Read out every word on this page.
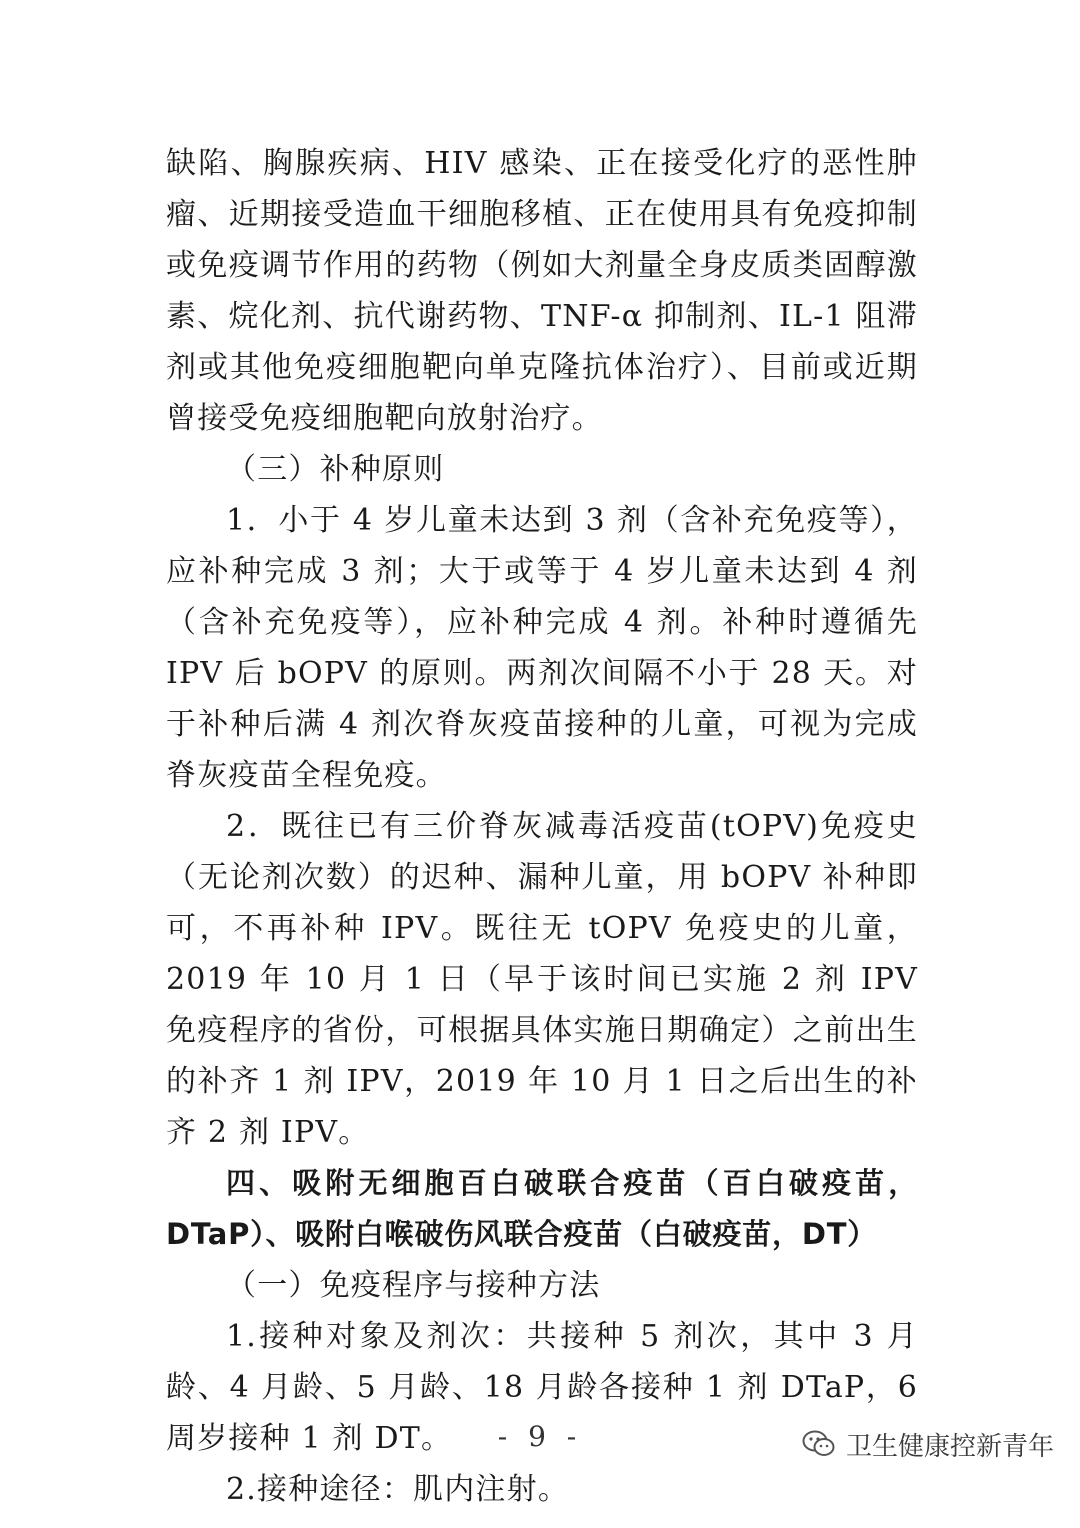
缺陷、胸腺疾病、HIV 感染、正在接受化疗的恶性肿瘤、近期接受造血干细胞移植、正在使用具有免疫抑制或免疫调节作用的药物（例如大剂量全身皮质类固醇激素、烷化剂、抗代谢药物、TNF-α 抑制剂、IL-1 阻滞剂或其他免疫细胞靶向单克隆抗体治疗）、目前或近期曾接受免疫细胞靶向放射治疗。

（三）补种原则

1．小于 4 岁儿童未达到 3 剂（含补充免疫等），应补种完成 3 剂；大于或等于 4 岁儿童未达到 4 剂（含补充免疫等），应补种完成 4 剂。补种时遵循先 IPV 后 bOPV 的原则。两剂次间隔不小于 28 天。对于补种后满 4 剂次脊灰疫苗接种的儿童，可视为完成脊灰疫苗全程免疫。

2．既往已有三价脊灰减毒活疫苗(tOPV)免疫史（无论剂次数）的迟种、漏种儿童，用 bOPV 补种即可，不再补种 IPV。既往无 tOPV 免疫史的儿童，2019 年 10 月 1 日（早于该时间已实施 2 剂 IPV 免疫程序的省份，可根据具体实施日期确定）之前出生的补齐 1 剂 IPV，2019 年 10 月 1 日之后出生的补齐 2 剂 IPV。

四、吸附无细胞百白破联合疫苗（百白破疫苗，DTaP）、吸附白喉破伤风联合疫苗（白破疫苗，DT）

（一）免疫程序与接种方法

1.接种对象及剂次：共接种 5 剂次，其中 3 月龄、4 月龄、5 月龄、18 月龄各接种 1 剂 DTaP，6 周岁接种 1 剂 DT。

2.接种途径：肌内注射。

- 9 -	卫生健康控新青年
